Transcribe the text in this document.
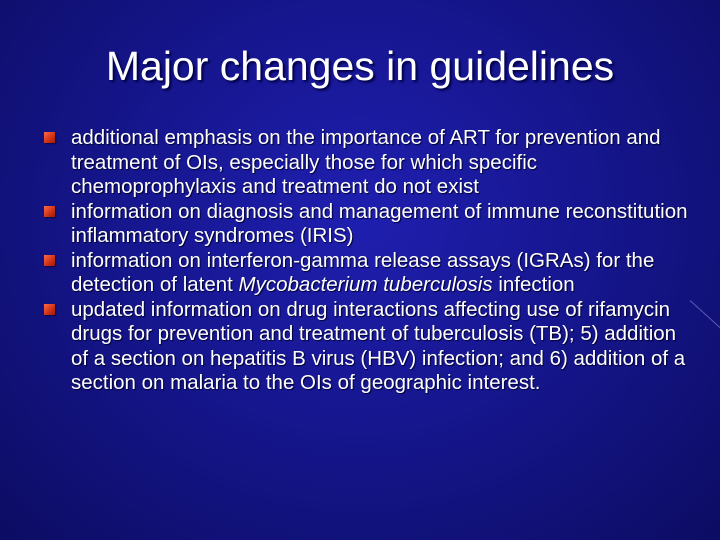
Major changes in guidelines
additional emphasis on the importance of ART for prevention and treatment of OIs, especially those for which specific chemoprophylaxis and treatment do not exist
information on diagnosis and management of immune reconstitution inflammatory syndromes (IRIS)
information on interferon-gamma release assays (IGRAs) for the detection of latent Mycobacterium tuberculosis infection
updated information on drug interactions affecting use of rifamycin drugs for prevention and treatment of tuberculosis (TB); 5) addition of a section on hepatitis B virus (HBV) infection; and 6) addition of a section on malaria to the OIs of geographic interest.
